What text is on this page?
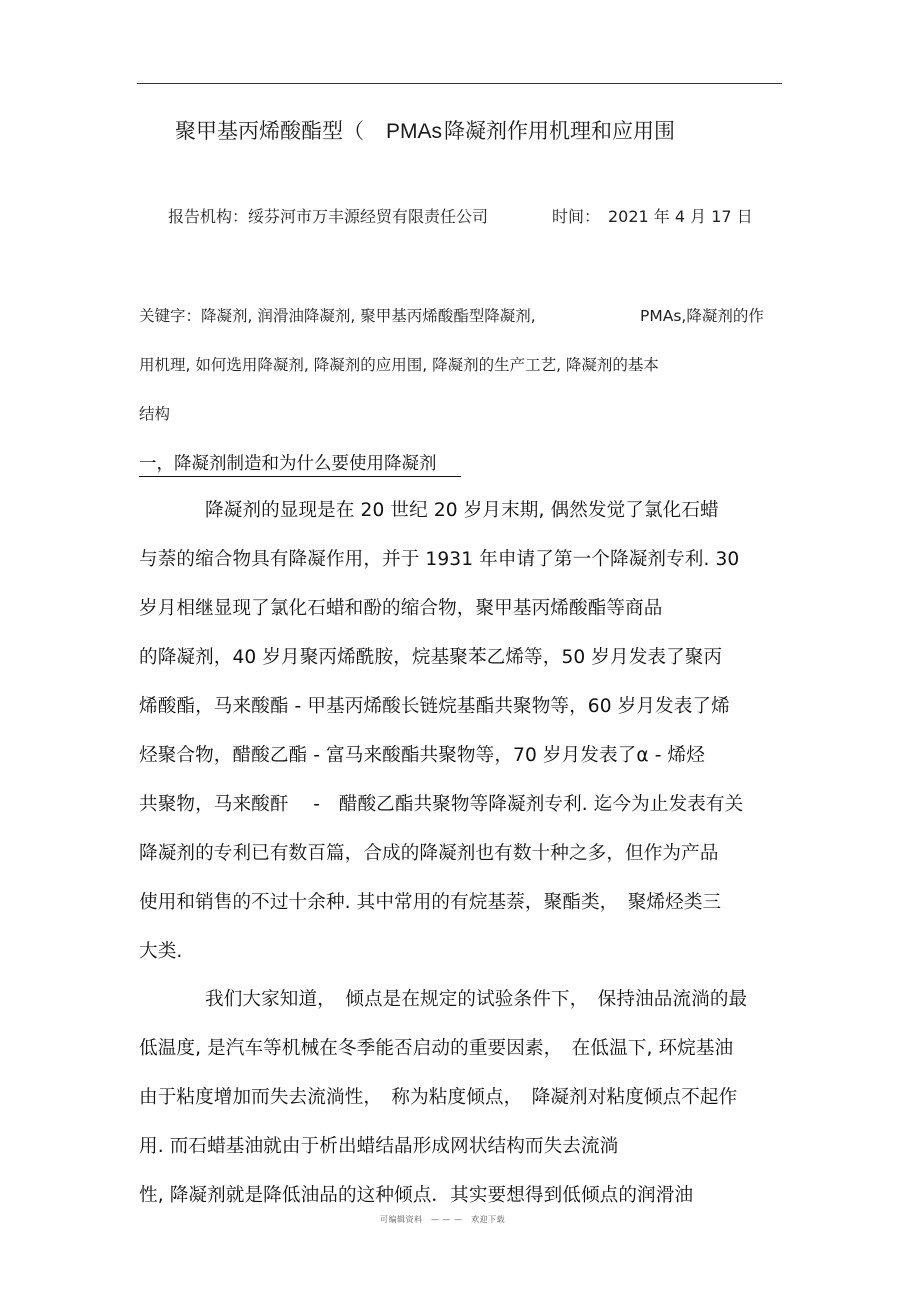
聚甲基丙烯酸酯型（ PMAs降凝剂作用机理和应用围
报告机构：绥芬河市万丰源经贸有限责任公司	时间： 2021 年 4 月 17 日
关键字：降凝剂, 润滑油降凝剂, 聚甲基丙烯酸酯型降凝剂,	PMAs,降凝剂的作
用机理, 如何选用降凝剂, 降凝剂的应用围, 降凝剂的生产工艺, 降凝剂的基本
结构
一，降凝剂制造和为什么要使用降凝剂
降凝剂的显现是在 20 世纪 20 岁月末期, 偶然发觉了氯化石蜡
与萘的缩合物具有降凝作用，并于 1931 年申请了第一个降凝剂专利. 30
岁月相继显现了氯化石蜡和酚的缩合物，聚甲基丙烯酸酯等商品
的降凝剂，40 岁月聚丙烯酰胺，烷基聚苯乙烯等，50 岁月发表了聚丙
烯酸酯，马来酸酯 - 甲基丙烯酸长链烷基酯共聚物等，60 岁月发表了烯
烃聚合物，醋酸乙酯 - 富马来酸酯共聚物等，70 岁月发表了α - 烯烃
共聚物，马来酸酐　 -　醋酸乙酯共聚物等降凝剂专利. 迄今为止发表有关
降凝剂的专利已有数百篇，合成的降凝剂也有数十种之多，但作为产品
使用和销售的不过十余种. 其中常用的有烷基萘，聚酯类，　聚烯烃类三
大类.
我们大家知道，　倾点是在规定的试验条件下，　保持油品流淌的最
低温度, 是汽车等机械在冬季能否启动的重要因素，　在低温下, 环烷基油
由于粘度增加而失去流淌性，　称为粘度倾点，　降凝剂对粘度倾点不起作
用. 而石蜡基油就由于析出蜡结晶形成网状结构而失去流淌
性, 降凝剂就是降低油品的这种倾点．其实要想得到低倾点的润滑油
可编辑资料　— — —　欢迎下载
